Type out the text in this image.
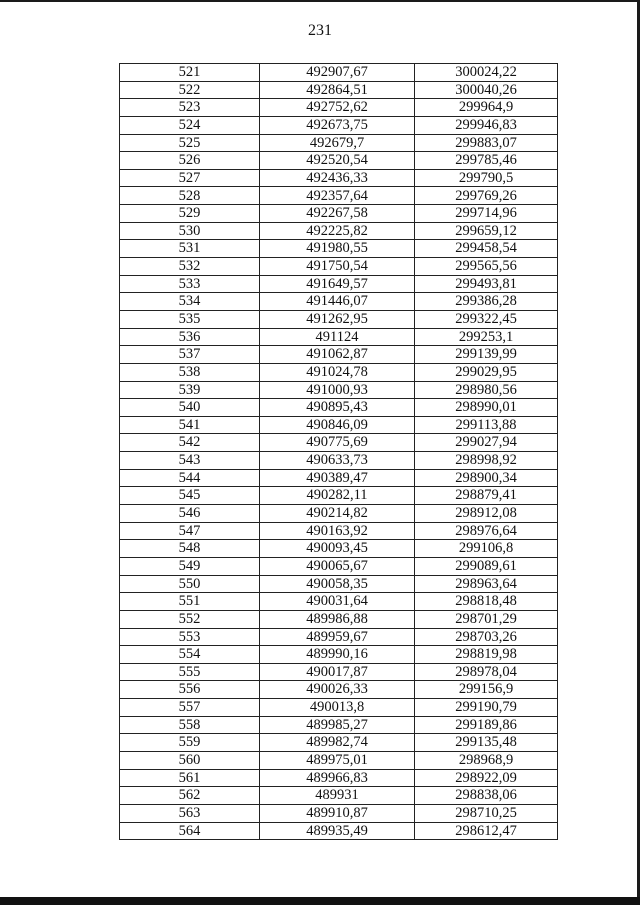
231
521	492907,67	300024,22
522	492864,51	300040,26
523	492752,62	299964,9
524	492673,75	299946,83
525	492679,7	299883,07
526	492520,54	299785,46
527	492436,33	299790,5
528	492357,64	299769,26
529	492267,58	299714,96
530	492225,82	299659,12
531	491980,55	299458,54
532	491750,54	299565,56
533	491649,57	299493,81
534	491446,07	299386,28
535	491262,95	299322,45
536	491124	299253,1
537	491062,87	299139,99
538	491024,78	299029,95
539	491000,93	298980,56
540	490895,43	298990,01
541	490846,09	299113,88
542	490775,69	299027,94
543	490633,73	298998,92
544	490389,47	298900,34
545	490282,11	298879,41
546	490214,82	298912,08
547	490163,92	298976,64
548	490093,45	299106,8
549	490065,67	299089,61
550	490058,35	298963,64
551	490031,64	298818,48
552	489986,88	298701,29
553	489959,67	298703,26
554	489990,16	298819,98
555	490017,87	298978,04
556	490026,33	299156,9
557	490013,8	299190,79
558	489985,27	299189,86
559	489982,74	299135,48
560	489975,01	298968,9
561	489966,83	298922,09
562	489931	298838,06
563	489910,87	298710,25
564	489935,49	298612,47
